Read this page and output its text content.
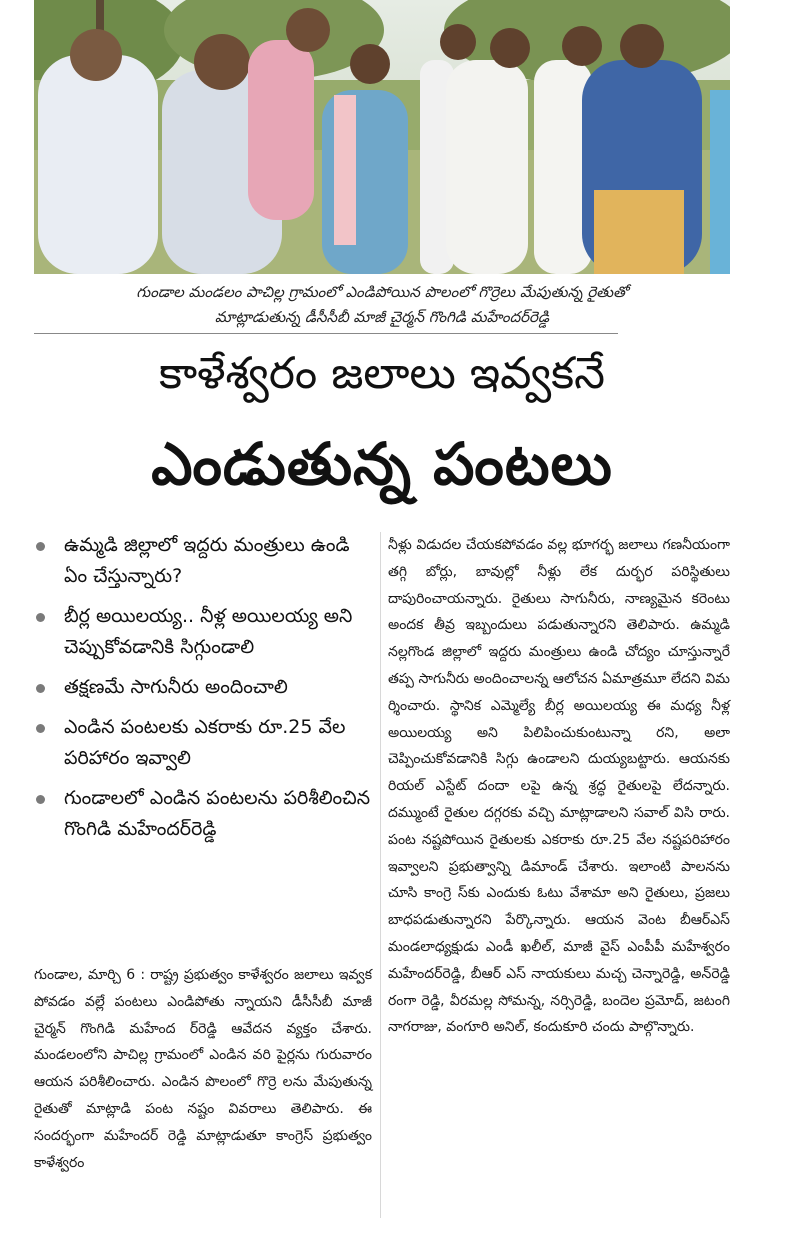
గుండాల మండలం పాచిల్ల గ్రామంలో ఎండిపోయిన పొలంలో గొర్రెలు మేపుతున్న రైతుతో
మాట్లాడుతున్న డీసీసీబీ మాజీ చైర్మన్ గొంగిడి మహేందర్‌రెడ్డి
కాళేశ్వరం జలాలు ఇవ్వకనే
ఎండుతున్న పంటలు
ఉమ్మడి జిల్లాలో ఇద్దరు మంత్రులు ఉండి ఏం చేస్తున్నారు?
బీర్ల అయిలయ్య.. నీళ్ల అయిలయ్య అని చెప్పుకోవడానికి సిగ్గుండాలి
తక్షణమే సాగునీరు అందించాలి
ఎండిన పంటలకు ఎకరాకు రూ.25 వేల పరిహారం ఇవ్వాలి
గుండాలలో ఎండిన పంటలను పరిశీలించిన గొంగిడి మహేందర్‌రెడ్డి
గుండాల, మార్చి 6 : రాష్ట్ర ప్రభుత్వం కాళేశ్వరం జలాలు ఇవ్వక పోవడం వల్లే పంటలు ఎండిపోతు న్నాయని డీసీసీబీ మాజీ చైర్మన్ గొంగిడి మహేంద ర్‌రెడ్డి ఆవేదన వ్యక్తం చేశారు. మండలంలోని పాచిల్ల గ్రామంలో ఎండిన వరి పైర్లను గురువారం ఆయన పరిశీలించారు. ఎండిన పొలంలో గొర్రె లను మేపుతున్న రైతుతో మాట్లాడి పంట నష్టం వివరాలు తెలిపారు. ఈ సందర్భంగా మహేందర్ రెడ్డి మాట్లాడుతూ కాంగ్రెస్ ప్రభుత్వం కాళేశ్వరం
నీళ్లు విడుదల చేయకపోవడం వల్ల భూగర్భ జలాలు గణనీయంగా తగ్గి బోర్లు, బావుల్లో నీళ్లు లేక దుర్భర పరిస్థితులు దాపురించాయన్నారు. రైతులు సాగునీరు, నాణ్యమైన కరెంటు అందక తీవ్ర ఇబ్బందులు పడుతున్నారని తెలిపారు. ఉమ్మడి నల్లగొండ జిల్లాలో ఇద్దరు మంత్రులు ఉండి చోద్యం చూస్తున్నారే తప్ప సాగునీరు అందించాలన్న ఆలోచన ఏమాత్రమూ లేదని విమ ర్శించారు. స్థానిక ఎమ్మెల్యే బీర్ల అయిలయ్య ఈ మధ్య నీళ్ల అయిలయ్య అని పిలిపించుకుంటున్నా రని, అలా చెప్పించుకోవడానికి సిగ్గు ఉండాలని దుయ్యబట్టారు. ఆయనకు రియల్ ఎస్టేట్ దందా లపై ఉన్న శ్రద్ధ రైతులపై లేదన్నారు. దమ్ముంటే రైతుల దగ్గరకు వచ్చి మాట్లాడాలని సవాల్ విసి రారు. పంట నష్టపోయిన రైతులకు ఎకరాకు రూ.25 వేల నష్టపరిహారం ఇవ్వాలని ప్రభుత్వాన్ని డిమాండ్ చేశారు. ఇలాంటి పాలనను చూసి కాంగ్రె స్‌కు ఎందుకు ఓటు వేశామా అని రైతులు, ప్రజలు బాధపడుతున్నారని పేర్కొన్నారు. ఆయన వెంట బీఆర్ఎస్ మండలాధ్యక్షుడు ఎండీ ఖలీల్, మాజీ వైస్ ఎంపీపీ మహేశ్వరం మహేందర్‌రెడ్డి, బీఆర్ ఎస్ నాయకులు మచ్చ చెన్నారెడ్డి, అన్‌రెడ్డి రంగా రెడ్డి, వీరమల్ల సోమన్న, నర్సిరెడ్డి, బందెల ప్రమోద్, జటంగి నాగరాజు, వంగూరి అనిల్, కందుకూరి చందు పాల్గొన్నారు.
